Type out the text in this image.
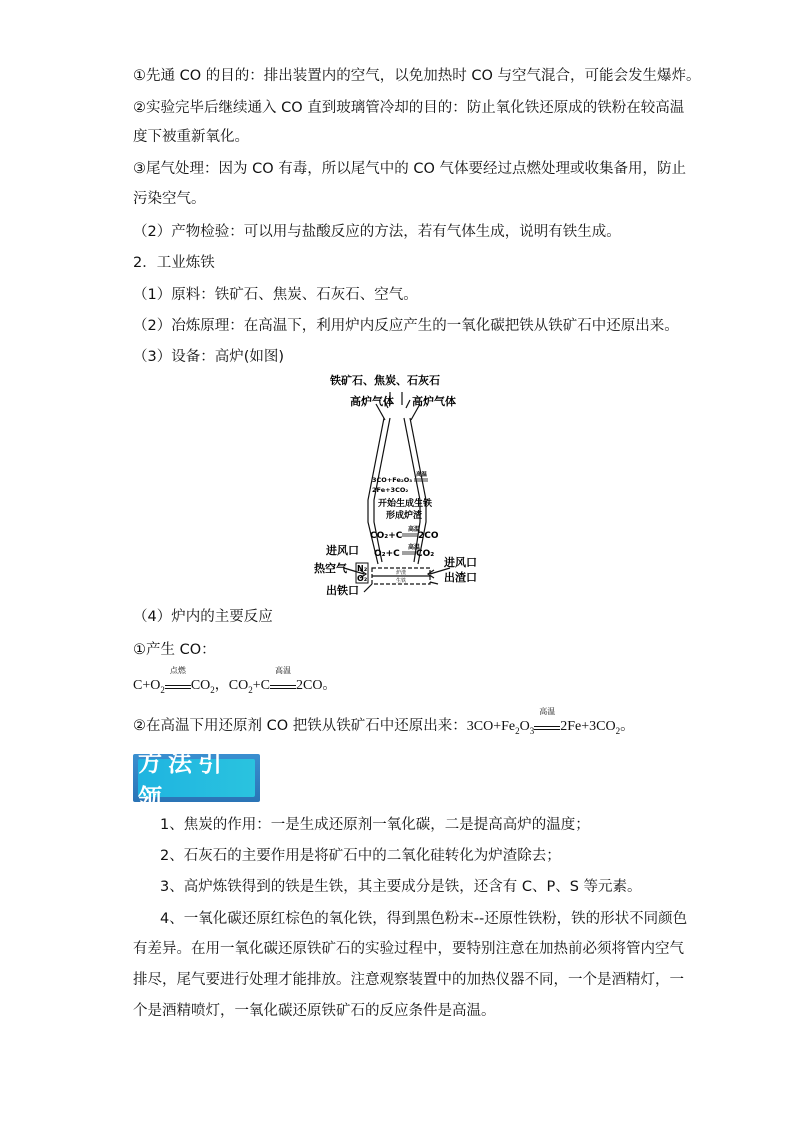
①先通 CO 的目的：排出装置内的空气，以免加热时 CO 与空气混合，可能会发生爆炸。
②实验完毕后继续通入 CO 直到玻璃管冷却的目的：防止氧化铁还原成的铁粉在较高温
度下被重新氧化。
③尾气处理：因为 CO 有毒，所以尾气中的 CO 气体要经过点燃处理或收集备用，防止
污染空气。
（2）产物检验：可以用与盐酸反应的方法，若有气体生成，说明有铁生成。
2．工业炼铁
（1）原料：铁矿石、焦炭、石灰石、空气。
（2）冶炼原理：在高温下，利用炉内反应产生的一氧化碳把铁从铁矿石中还原出来。
（3）设备：高炉(如图)
铁矿石、焦炭、石灰石
高炉气体 高炉气体
3CO+Fe₂O₃
高温
2Fe+3CO₂
开始生成生铁
形成炉渣
CO₂+C
高温
2CO
O₂+C
高温
CO₂
进风口
热空气 N₂
O₂
出铁口
进风口
出渣口
炉渣
生铁
（4）炉内的主要反应
①产生 CO：
$C+O_2$
点燃
$CO_2$，$CO_2+C$
高温
2CO。
②在高温下用还原剂 CO 把铁从铁矿石中还原出来：$3CO+Fe_2O_3$
高温
$2Fe+3CO_2$。
方法引领
1、焦炭的作用：一是生成还原剂一氧化碳，二是提高高炉的温度；
2、石灰石的主要作用是将矿石中的二氧化硅转化为炉渣除去；
3、高炉炼铁得到的铁是生铁，其主要成分是铁，还含有 C、P、S 等元素。
4、一氧化碳还原红棕色的氧化铁，得到黑色粉末--还原性铁粉，铁的形状不同颜色
有差异。在用一氧化碳还原铁矿石的实验过程中，要特别注意在加热前必须将管内空气
排尽，尾气要进行处理才能排放。注意观察装置中的加热仪器不同，一个是酒精灯，一
个是酒精喷灯，一氧化碳还原铁矿石的反应条件是高温。
